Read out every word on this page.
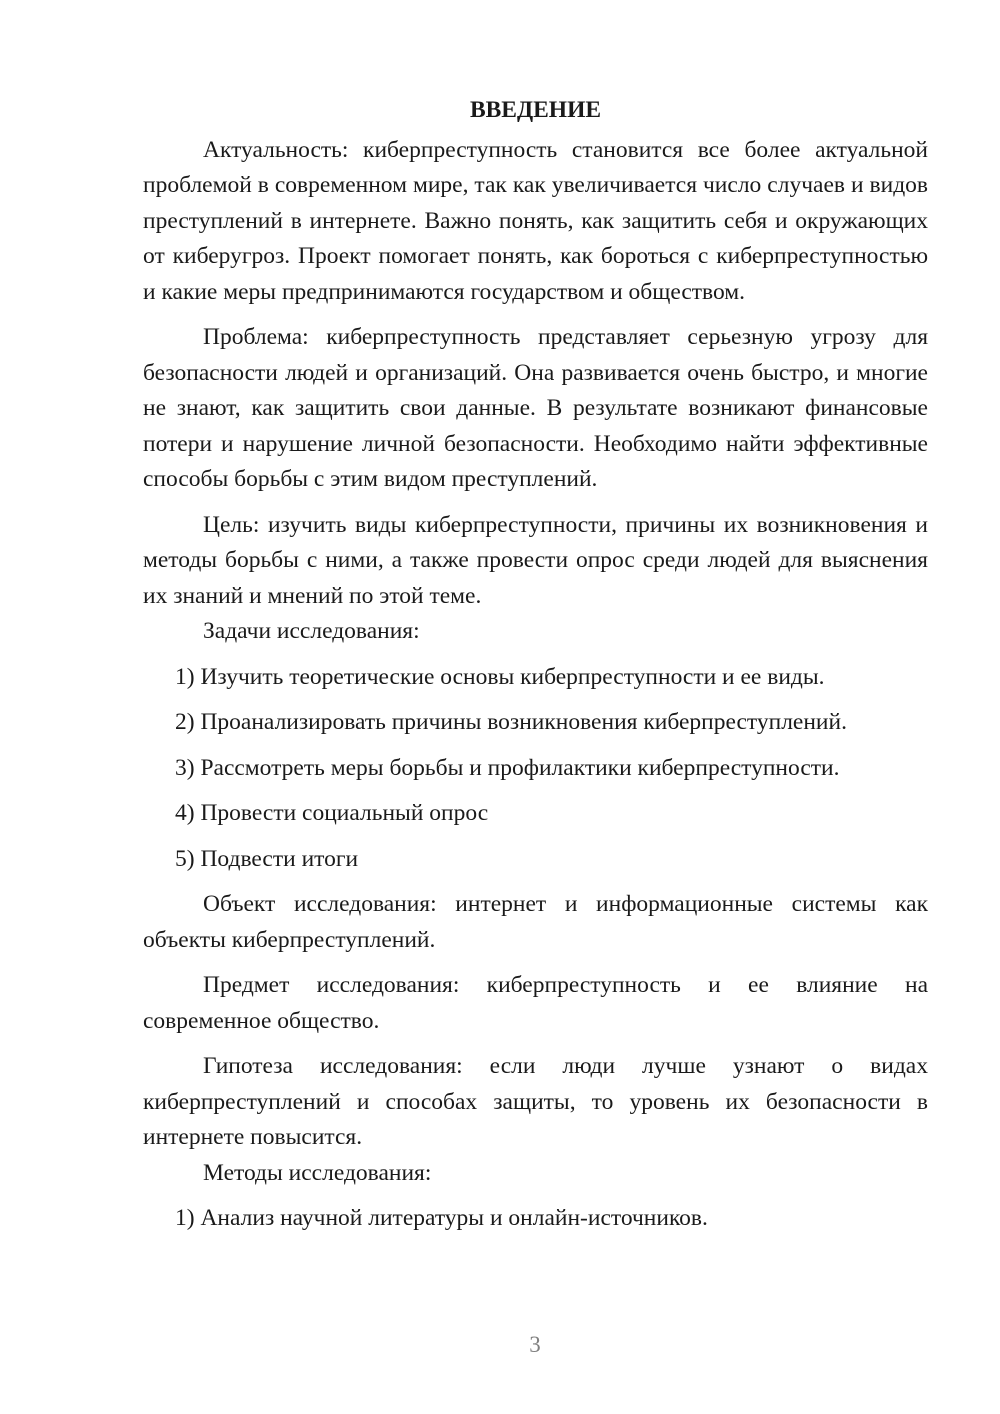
ВВЕДЕНИЕ

Актуальность: киберпреступность становится все более актуальной проблемой в современном мире, так как увеличивается число случаев и видов преступлений в интернете. Важно понять, как защитить себя и окружающих от киберугроз. Проект помогает понять, как бороться с киберпреступностью и какие меры предпринимаются государством и обществом.

Проблема: киберпреступность представляет серьезную угрозу для безопасности людей и организаций. Она развивается очень быстро, и многие не знают, как защитить свои данные. В результате возникают финансовые потери и нарушение личной безопасности. Необходимо найти эффективные способы борьбы с этим видом преступлений.

Цель: изучить виды киберпреступности, причины их возникновения и методы борьбы с ними, а также провести опрос среди людей для выяснения их знаний и мнений по этой теме.

Задачи исследования:

1) Изучить теоретические основы киберпреступности и ее виды.

2) Проанализировать причины возникновения киберпреступлений.

3) Рассмотреть меры борьбы и профилактики киберпреступности.

4) Провести социальный опрос

5) Подвести итоги

Объект исследования: интернет и информационные системы как объекты киберпреступлений.

Предмет исследования: киберпреступность и ее влияние на современное общество.

Гипотеза исследования: если люди лучше узнают о видах киберпреступлений и способах защиты, то уровень их безопасности в интернете повысится.

Методы исследования:

1) Анализ научной литературы и онлайн-источников.

3
